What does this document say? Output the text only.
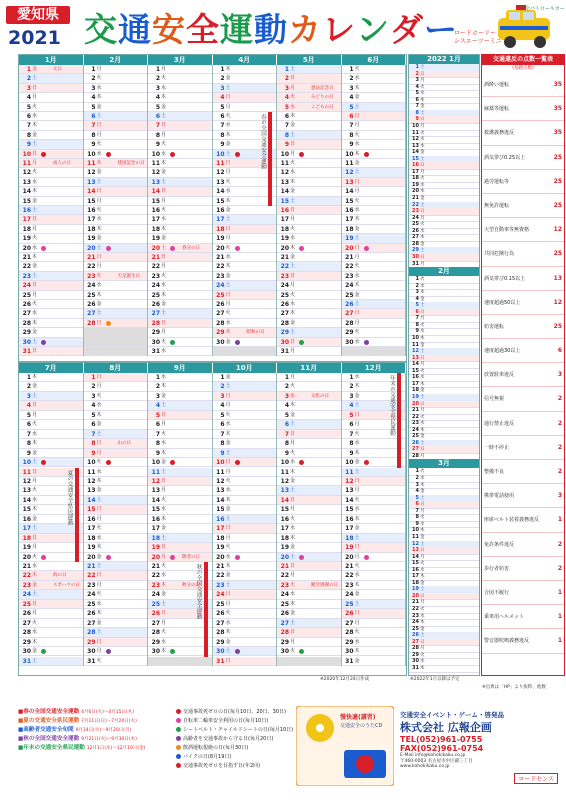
愛知県
2021 交通安全運動カレンダー
安全パトロールカー
ロードホーリー
シスエーツーミニ
1月	2月	3月	4月	5月	6月
1 金	元日
2 土
3 日
4 月
5 火
6 水
7 木
8 金
9 土
10 日
11 月	成人の日
12 火
13 水
14 木
15 金
16 土
17 日
18 月
19 火
20 水
21 木
22 金
23 土
24 日
25 月
26 火
27 水
28 木
29 金
30 土
31 日
1 月
2 火
3 水
4 木
5 金
6 土
7 日
8 月
9 火
10 水
11 木	建国記念の日
12 金
13 土
14 日
15 月
16 火
17 水
18 木
19 金
20 土
21 日
22 月
23 火	天皇誕生日
24 水
25 木
26 金
27 土
28 日
1 月
2 火
3 水
4 木
5 金
6 土
7 日
8 月
9 火
10 水
11 木
12 金
13 土
14 日
15 月
16 火
17 水
18 木
19 金
20 土	春分の日
21 日
22 月
23 火
24 水
25 木
26 金
27 土
28 日
29 月
30 火
31 水
1 木
2 金
3 土
4 日
5 月
6 火
7 水
8 木
9 金
10 土
11 日
12 月
13 火
14 水
15 木
16 金
17 土
18 日
19 月
20 火
21 水
22 木
23 金
24 土
25 日
26 月
27 火
28 水
29 木	昭和の日
30 金
春の全国交通安全運動
1 土
2 日
3 月	憲法記念日
4 火	みどりの日
5 水	こどもの日
6 木
7 金
8 土
9 日
10 月
11 火
12 水
13 木
14 金
15 土
16 日
17 月
18 火
19 水
20 木
21 金
22 土
23 日
24 月
25 火
26 水
27 木
28 金
29 土
30 日
31 月
1 火
2 水
3 木
4 金
5 土
6 日
7 月
8 火
9 水
10 木
11 金
12 土
13 日
14 月
15 火
16 水
17 木
18 金
19 土
20 日
21 月
22 火
23 水
24 木
25 金
26 土
27 日
28 月
29 火
30 水
7月	8月	9月	10月	11月	12月
1 木
2 金
3 土
4 日
5 月
6 火
7 水
8 木
9 金
10 土
11 日
12 月
13 火
14 水
15 木
16 金
17 土
18 日
19 月
20 火
21 水
22 木	海の日
23 金	スポーツの日
24 土
25 日
26 月
27 火
28 水
29 木
30 金
31 土
夏の交通安全県民運動
1 日
2 月
3 火
4 水
5 木
6 金
7 土
8 日	山の日
9 月
10 火
11 水
12 木
13 金
14 土
15 日
16 月
17 火
18 水
19 木
20 金
21 土
22 日
23 月
24 火
25 水
26 木
27 金
28 土
29 日
30 月
31 火
1 水
2 木
3 金
4 土
5 日
6 月
7 火
8 水
9 木
10 金
11 土
12 日
13 月
14 火
15 水
16 木
17 金
18 土
19 日
20 月	敬老の日
21 火
22 水
23 木	秋分の日
24 金
25 土
26 日
27 月
28 火
29 水
30 木
秋の全国交通安全運動
1 金
2 土
3 日
4 月
5 火
6 水
7 木
8 金
9 土
10 日
11 月
12 火
13 水
14 木
15 金
16 土
17 日
18 月
19 火
20 水
21 木
22 金
23 土
24 日
25 月
26 火
27 水
28 木
29 金
30 土
31 日
1 月
2 火
3 水	文化の日
4 木
5 金
6 土
7 日
8 月
9 火
10 水
11 木
12 金
13 土
14 日
15 月
16 火
17 水
18 木
19 金
20 土
21 日
22 月
23 火	勤労感謝の日
24 水
25 木
26 金
27 土
28 日
29 月
30 火
1 水
2 木
3 金
4 土
5 日
6 月
7 火
8 水
9 木
10 金
11 土
12 日
13 月
14 火
15 水
16 木
17 金
18 土
19 日
20 月
21 火
22 水
23 木
24 金
25 土
26 日
27 月
28 火
29 水
30 木
31 金
年末の交通安全県民運動
※2020年12月24日作成
2022 1月
1 土
2 日
3 月
4 火
5 水
6 木
7 金
8 土
9 日
10 月
11 火
12 水
13 木
14 金
15 土
16 日
17 月
18 火
19 水
20 木
21 金
22 土
23 日
24 月
25 火
26 水
27 木
28 金
29 土
30 日
31 月
2月
1 火
2 水
3 木
4 金
5 土
6 日
7 月
8 火
9 水
10 木
11 金
12 土
13 日
14 月
15 火
16 水
17 木
18 金
19 土
20 日
21 月
22 火
23 水
24 木
25 金
26 土
27 日
28 月
3月
1 火
2 水
3 木
4 金
5 土
6 日
7 月
8 火
9 水
10 木
11 金
12 土
13 日
14 月
15 火
16 水
17 木
18 金
19 土
20 日
21 月
22 火
23 水
24 木
25 金
26 土
27 日
28 月
29 火
30 水
31 木
※2022年1月以降は予定
交通違反の点数一覧表
(基礎点数)
酒酔い運転	35
麻薬等運転	35
救護義務違反	35
酒気帯び0.25以上	25
過労運転等	25
無免許運転	25
大型自動車等無資格	12
共同危険行為	25
酒気帯び0.15以上	13
速度超過50以上	12
妨害運転	25
速度超過30以上	6
放置駐車違反	3
信号無視	2
通行禁止違反	2
一時不停止	2
整備不良	2
携帯電話使用	3
座席ベルト装着義務違反	1
免許条件違反	2
歩行者妨害	2
合図不履行	1
乗車用ヘルメット	1
警音器吹鳴義務違反	1
※出典は「HP」より抜粋、他数
■春の全国交通安全運動 4月6日(火)〜4月15日(木)
■夏の交通安全県民運動 7月11日(日)〜7月20日(火)
■高齢者交通安全旬間 9月14日(火)〜9月20日(月)
■秋の全国交通安全運動 9月21日(火)〜9月30日(木)
■年末の交通安全県民運動 12月1日(水)〜12月10日(金)
交通事故死ゼロの日(毎月10日、20日、30日)
自転車二輪車安全利用の日(毎月10日)
シートベルト・チャイルドシートの日(毎月10日)
高齢者を交通事故から守る日(毎月20日)
飲酒運転根絶の日(毎月30日)
バイクの日(8月19日)
交通事故死ゼロを目指す日(年2回)
慢快適(講習)
交通安全のうたCD
交通安全イベント・ゲーム・啓発品
株式会社 広報企画
TEL(052)961-0755
FAX(052)961-0754
E-Mail info@kohokikaku.co.jp
〒460-0003 名古屋市中区錦三丁目
www.kohokikaku.co.jp
ロードセンス
